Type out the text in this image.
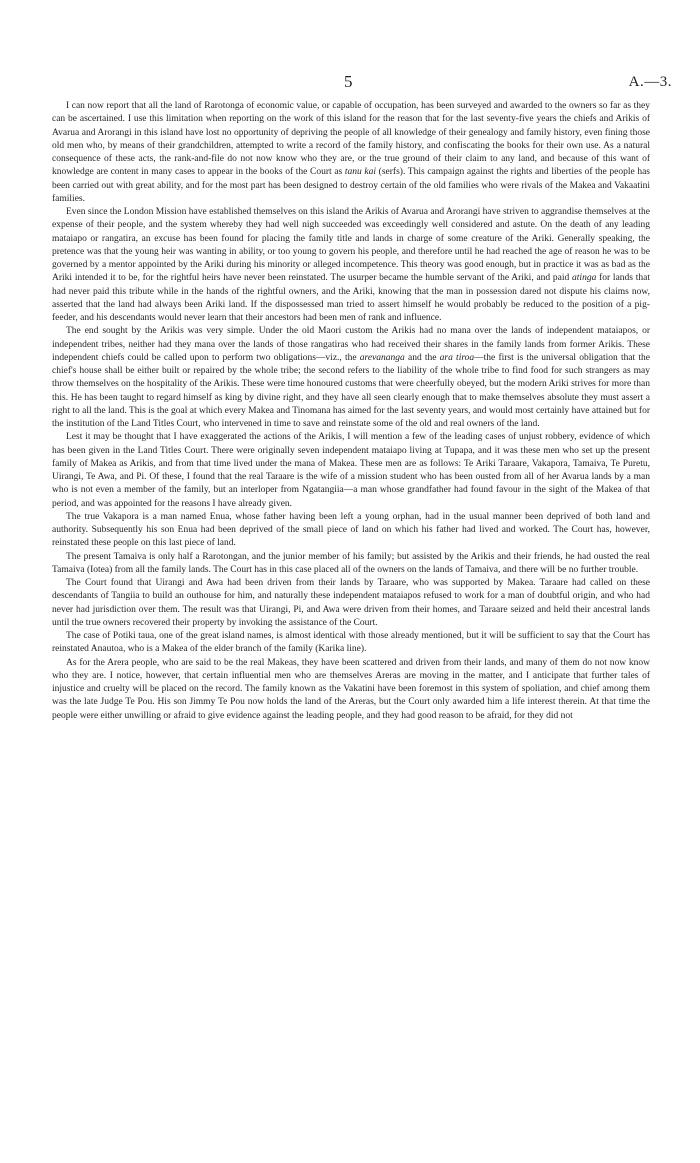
5	A.—3.

I can now report that all the land of Rarotonga of economic value, or capable of occupation, has been surveyed and awarded to the owners so far as they can be ascertained. I use this limitation when reporting on the work of this island for the reason that for the last seventy-five years the chiefs and Arikis of Avarua and Arorangi in this island have lost no opportunity of depriving the people of all knowledge of their genealogy and family history, even fining those old men who, by means of their grandchildren, attempted to write a record of the family history, and confiscating the books for their own use. As a natural consequence of these acts, the rank-and-file do not now know who they are, or the true ground of their claim to any land, and because of this want of knowledge are content in many cases to appear in the books of the Court as tanu kai (serfs). This campaign against the rights and liberties of the people has been carried out with great ability, and for the most part has been designed to destroy certain of the old families who were rivals of the Makea and Vakaatini families.

Even since the London Mission have established themselves on this island the Arikis of Avarua and Arorangi have striven to aggrandise themselves at the expense of their people, and the system whereby they had well nigh succeeded was exceedingly well considered and astute. On the death of any leading mataiapo or rangatira, an excuse has been found for placing the family title and lands in charge of some creature of the Ariki. Generally speaking, the pretence was that the young heir was wanting in ability, or too young to govern his people, and therefore until he had reached the age of reason he was to be governed by a mentor appointed by the Ariki during his minority or alleged incompetence. This theory was good enough, but in practice it was as bad as the Ariki intended it to be, for the rightful heirs have never been reinstated. The usurper became the humble servant of the Ariki, and paid atinga for lands that had never paid this tribute while in the hands of the rightful owners, and the Ariki, knowing that the man in possession dared not dispute his claims now, asserted that the land had always been Ariki land. If the dispossessed man tried to assert himself he would probably be reduced to the position of a pig-feeder, and his descendants would never learn that their ancestors had been men of rank and influence.

The end sought by the Arikis was very simple. Under the old Maori custom the Arikis had no mana over the lands of independent mataiapos, or independent tribes, neither had they mana over the lands of those rangatiras who had received their shares in the family lands from former Arikis. These independent chiefs could be called upon to perform two obligations—viz., the arevananga and the ara tiroa—the first is the universal obligation that the chief's house shall be either built or repaired by the whole tribe; the second refers to the liability of the whole tribe to find food for such strangers as may throw themselves on the hospitality of the Arikis. These were time honoured customs that were cheerfully obeyed, but the modern Ariki strives for more than this. He has been taught to regard himself as king by divine right, and they have all seen clearly enough that to make themselves absolute they must assert a right to all the land. This is the goal at which every Makea and Tinomana has aimed for the last seventy years, and would most certainly have attained but for the institution of the Land Titles Court, who intervened in time to save and reinstate some of the old and real owners of the land.

Lest it may be thought that I have exaggerated the actions of the Arikis, I will mention a few of the leading cases of unjust robbery, evidence of which has been given in the Land Titles Court. There were originally seven independent mataiapo living at Tupapa, and it was these men who set up the present family of Makea as Arikis, and from that time lived under the mana of Makea. These men are as follows: Te Ariki Taraare, Vakapora, Tamaiva, Te Puretu, Uirangi, Te Awa, and Pi. Of these, I found that the real Taraare is the wife of a mission student who has been ousted from all of her Avarua lands by a man who is not even a member of the family, but an interloper from Ngatangiia—a man whose grandfather had found favour in the sight of the Makea of that period, and was appointed for the reasons I have already given.

The true Vakapora is a man named Enua, whose father having been left a young orphan, had in the usual manner been deprived of both land and authority. Subsequently his son Enua had been deprived of the small piece of land on which his father had lived and worked. The Court has, however, reinstated these people on this last piece of land.

The present Tamaiva is only half a Rarotongan, and the junior member of his family; but assisted by the Arikis and their friends, he had ousted the real Tamaiva (Iotea) from all the family lands. The Court has in this case placed all of the owners on the lands of Tamaiva, and there will be no further trouble.

The Court found that Uirangi and Awa had been driven from their lands by Taraare, who was supported by Makea. Taraare had called on these descendants of Tangiia to build an outhouse for him, and naturally these independent mataiapos refused to work for a man of doubtful origin, and who had never had jurisdiction over them. The result was that Uirangi, Pi, and Awa were driven from their homes, and Taraare seized and held their ancestral lands until the true owners recovered their property by invoking the assistance of the Court.

The case of Potiki taua, one of the great island names, is almost identical with those already mentioned, but it will be sufficient to say that the Court has reinstated Anautoa, who is a Makea of the elder branch of the family (Karika line).

As for the Arera people, who are said to be the real Makeas, they have been scattered and driven from their lands, and many of them do not now know who they are. I notice, however, that certain influential men who are themselves Areras are moving in the matter, and I anticipate that further tales of injustice and cruelty will be placed on the record. The family known as the Vakatini have been foremost in this system of spoliation, and chief among them was the late Judge Te Pou. His son Jimmy Te Pou now holds the land of the Areras, but the Court only awarded him a life interest therein. At that time the people were either unwilling or afraid to give evidence against the leading people, and they had good reason to be afraid, for they did not
